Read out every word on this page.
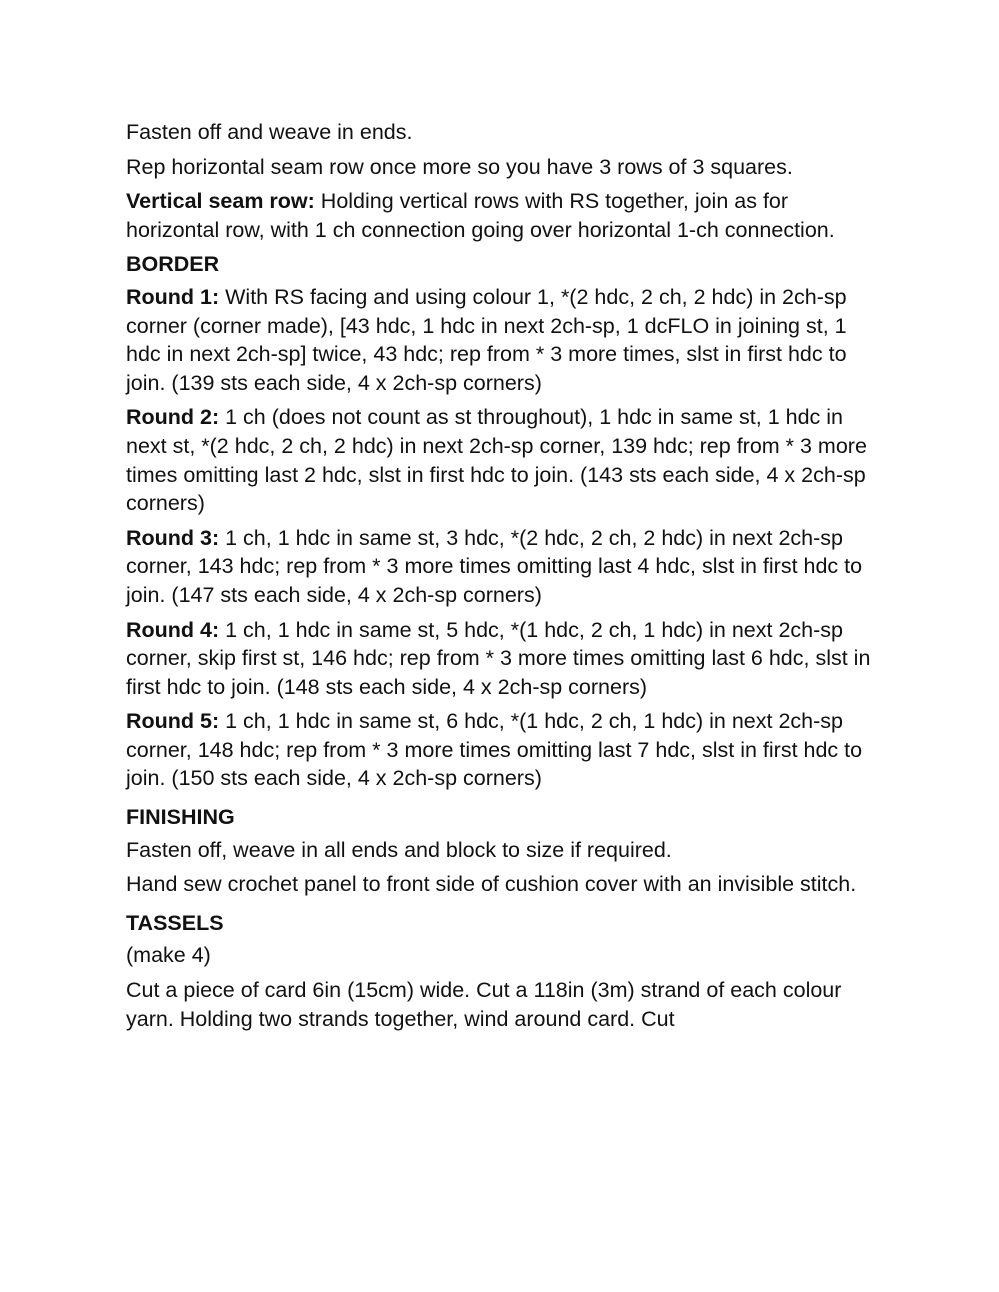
Fasten off and weave in ends.

Rep horizontal seam row once more so you have 3 rows of 3 squares.

Vertical seam row: Holding vertical rows with RS together, join as for horizontal row, with 1 ch connection going over horizontal 1-ch connection.

BORDER

Round 1: With RS facing and using colour 1, *(2 hdc, 2 ch, 2 hdc) in 2ch-sp corner (corner made), [43 hdc, 1 hdc in next 2ch-sp, 1 dcFLO in joining st, 1 hdc in next 2ch-sp] twice, 43 hdc; rep from * 3 more times, slst in first hdc to join. (139 sts each side, 4 x 2ch-sp corners)

Round 2: 1 ch (does not count as st throughout), 1 hdc in same st, 1 hdc in next st, *(2 hdc, 2 ch, 2 hdc) in next 2ch-sp corner, 139 hdc; rep from * 3 more times omitting last 2 hdc, slst in first hdc to join. (143 sts each side, 4 x 2ch-sp corners)

Round 3: 1 ch, 1 hdc in same st, 3 hdc, *(2 hdc, 2 ch, 2 hdc) in next 2ch-sp corner, 143 hdc; rep from * 3 more times omitting last 4 hdc, slst in first hdc to join. (147 sts each side, 4 x 2ch-sp corners)

Round 4: 1 ch, 1 hdc in same st, 5 hdc, *(1 hdc, 2 ch, 1 hdc) in next 2ch-sp corner, skip first st, 146 hdc; rep from * 3 more times omitting last 6 hdc, slst in first hdc to join. (148 sts each side, 4 x 2ch-sp corners)

Round 5: 1 ch, 1 hdc in same st, 6 hdc, *(1 hdc, 2 ch, 1 hdc) in next 2ch-sp corner, 148 hdc; rep from * 3 more times omitting last 7 hdc, slst in first hdc to join. (150 sts each side, 4 x 2ch-sp corners)

FINISHING

Fasten off, weave in all ends and block to size if required.

Hand sew crochet panel to front side of cushion cover with an invisible stitch.

TASSELS

(make 4)

Cut a piece of card 6in (15cm) wide. Cut a 118in (3m) strand of each colour yarn. Holding two strands together, wind around card. Cut
